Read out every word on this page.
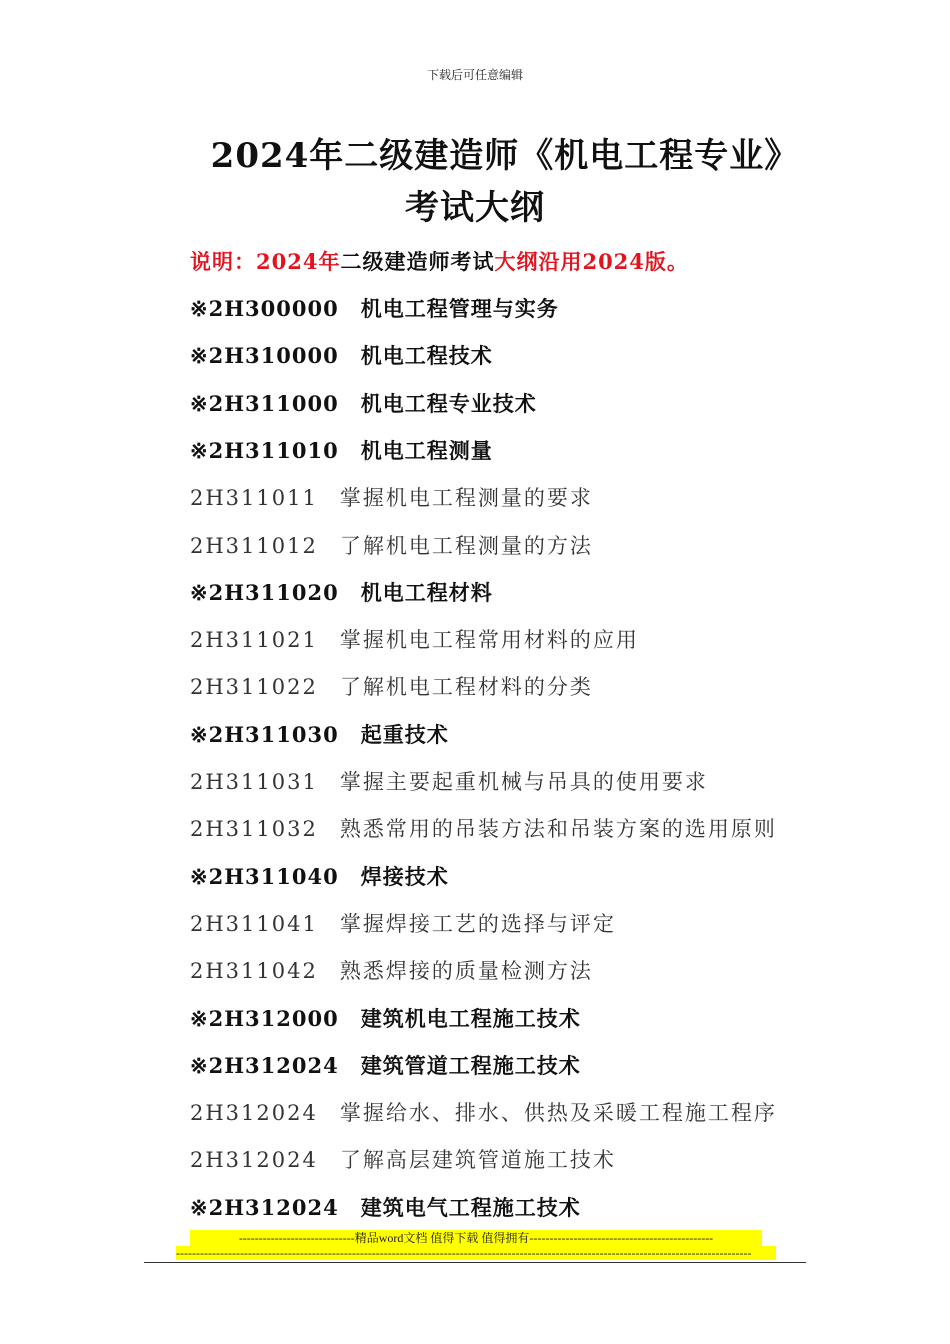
下载后可任意编辑
2024年二级建造师《机电工程专业》
考试大纲
说明：2024年二级建造师考试大纲沿用2024版。
※2H300000 机电工程管理与实务
※2H310000 机电工程技术
※2H311000 机电工程专业技术
※2H311010 机电工程测量
2H311011 掌握机电工程测量的要求
2H311012 了解机电工程测量的方法
※2H311020 机电工程材料
2H311021 掌握机电工程常用材料的应用
2H311022 了解机电工程材料的分类
※2H311030 起重技术
2H311031 掌握主要起重机械与吊具的使用要求
2H311032 熟悉常用的吊装方法和吊装方案的选用原则
※2H311040 焊接技术
2H311041 掌握焊接工艺的选择与评定
2H311042 熟悉焊接的质量检测方法
※2H312000 建筑机电工程施工技术
※2H312024 建筑管道工程施工技术
2H312024 掌握给水、排水、供热及采暖工程施工程序
2H312024 了解高层建筑管道施工技术
※2H312024 建筑电气工程施工技术
-----------------------------精品word文档 值得下载 值得拥有----------------------------------------------
------------------------------------------------------------------------------------------------------------------------------------------------
